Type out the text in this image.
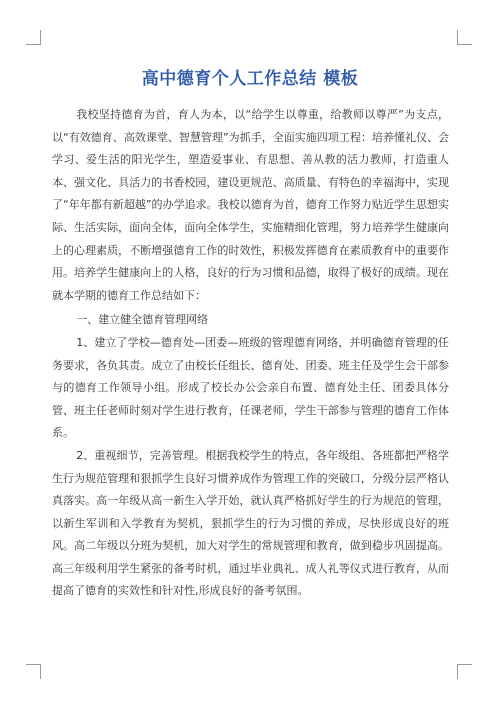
高中德育个人工作总结 模板

我校坚持德育为首，育人为本，以“给学生以尊重，给教师以尊严”为支点，以“有效德育、高效课堂、智慧管理”为抓手，全面实施四项工程：培养懂礼仪、会学习、爱生活的阳光学生，塑造爱事业、有思想、善从教的活力教师，打造重人本、强文化、具活力的书香校园，建设更规范、高质量、有特色的幸福海中，实现了“年年都有新超越”的办学追求。我校以德育为首，德育工作努力贴近学生思想实际、生活实际，面向全体，面向全体学生，实施精细化管理，努力培养学生健康向上的心理素质，不断增强德育工作的时效性，积极发挥德育在素质教育中的重要作用。培养学生健康向上的人格，良好的行为习惯和品德，取得了极好的成绩。现在就本学期的德育工作总结如下：

一、建立健全德育管理网络

1、建立了学校—德育处—团委—班级的管理德育网络，并明确德育管理的任务要求，各负其责。成立了由校长任组长、德育处、团委、班主任及学生会干部参与的德育工作领导小组。形成了校长办公会亲自布置、德育处主任、团委具体分管、班主任老师时刻对学生进行教育，任课老师，学生干部参与管理的德育工作体系。

2、重视细节，完善管理。根据我校学生的特点，各年级组、各班都把严格学生行为规范管理和狠抓学生良好习惯养成作为管理工作的突破口，分级分层严格认真落实。高一年级从高一新生入学开始，就认真严格抓好学生的行为规范的管理，以新生军训和入学教育为契机，狠抓学生的行为习惯的养成，尽快形成良好的班风。高二年级以分班为契机，加大对学生的常规管理和教育，做到稳步巩固提高。高三年级利用学生紧张的备考时机，通过毕业典礼、成人礼等仪式进行教育，从而提高了德育的实效性和针对性,形成良好的备考氛围。
